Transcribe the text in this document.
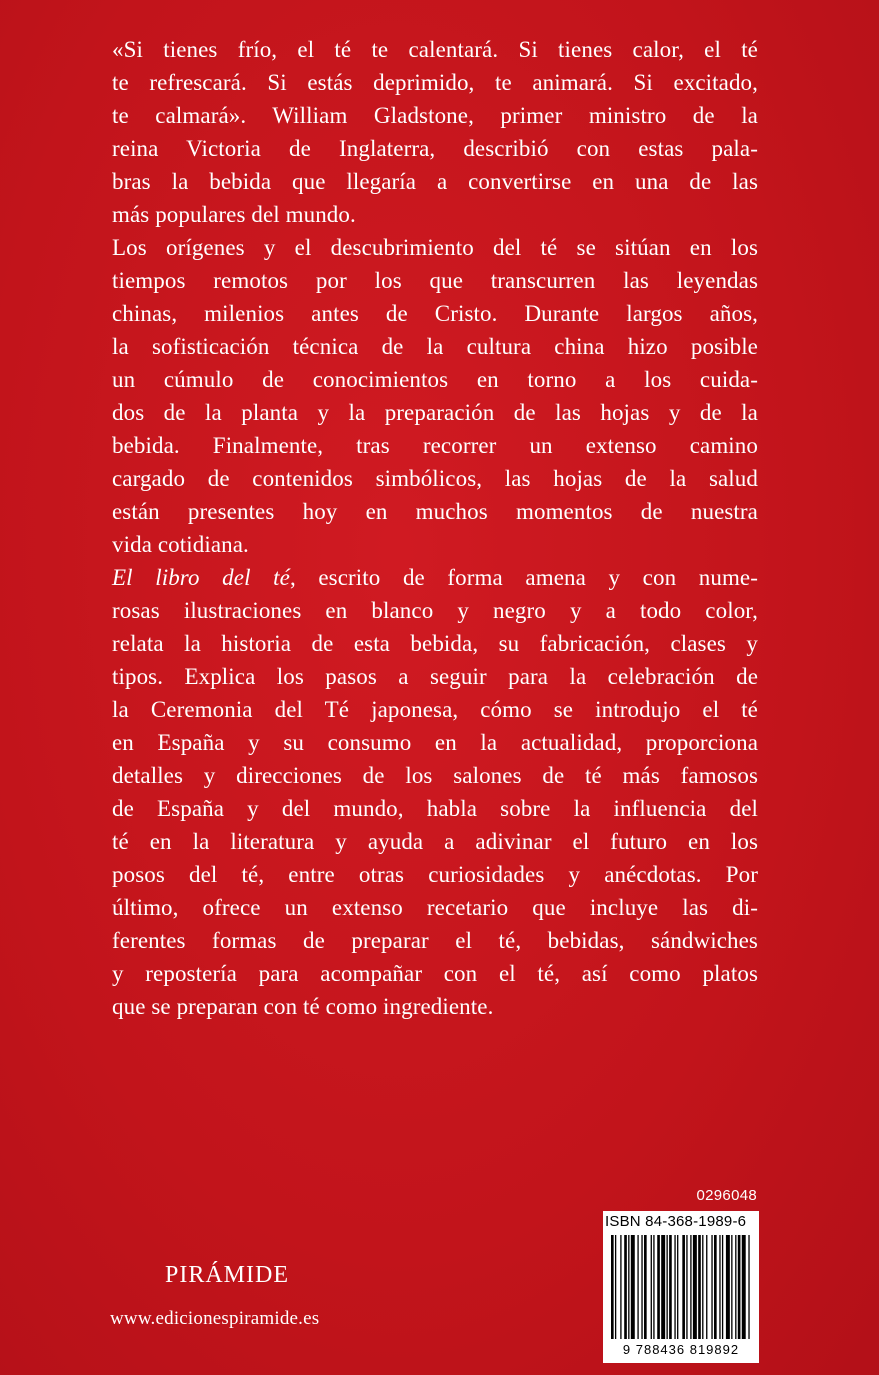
«Si tienes frío, el té te calentará. Si tienes calor, el té
te refrescará. Si estás deprimido, te animará. Si excitado,
te calmará». William Gladstone, primer ministro de la
reina Victoria de Inglaterra, describió con estas pala-
bras la bebida que llegaría a convertirse en una de las
más populares del mundo.
Los orígenes y el descubrimiento del té se sitúan en los
tiempos remotos por los que transcurren las leyendas
chinas, milenios antes de Cristo. Durante largos años,
la sofisticación técnica de la cultura china hizo posible
un cúmulo de conocimientos en torno a los cuida-
dos de la planta y la preparación de las hojas y de la
bebida. Finalmente, tras recorrer un extenso camino
cargado de contenidos simbólicos, las hojas de la salud
están presentes hoy en muchos momentos de nuestra
vida cotidiana.
El libro del té, escrito de forma amena y con nume-
rosas ilustraciones en blanco y negro y a todo color,
relata la historia de esta bebida, su fabricación, clases y
tipos. Explica los pasos a seguir para la celebración de
la Ceremonia del Té japonesa, cómo se introdujo el té
en España y su consumo en la actualidad, proporciona
detalles y direcciones de los salones de té más famosos
de España y del mundo, habla sobre la influencia del
té en la literatura y ayuda a adivinar el futuro en los
posos del té, entre otras curiosidades y anécdotas. Por
último, ofrece un extenso recetario que incluye las di-
ferentes formas de preparar el té, bebidas, sándwiches
y repostería para acompañar con el té, así como platos
que se preparan con té como ingrediente.
0296048
ISBN 84-368-1989-6
9 788436 819892
PIRÁMIDE
www.edicionespiramide.es
